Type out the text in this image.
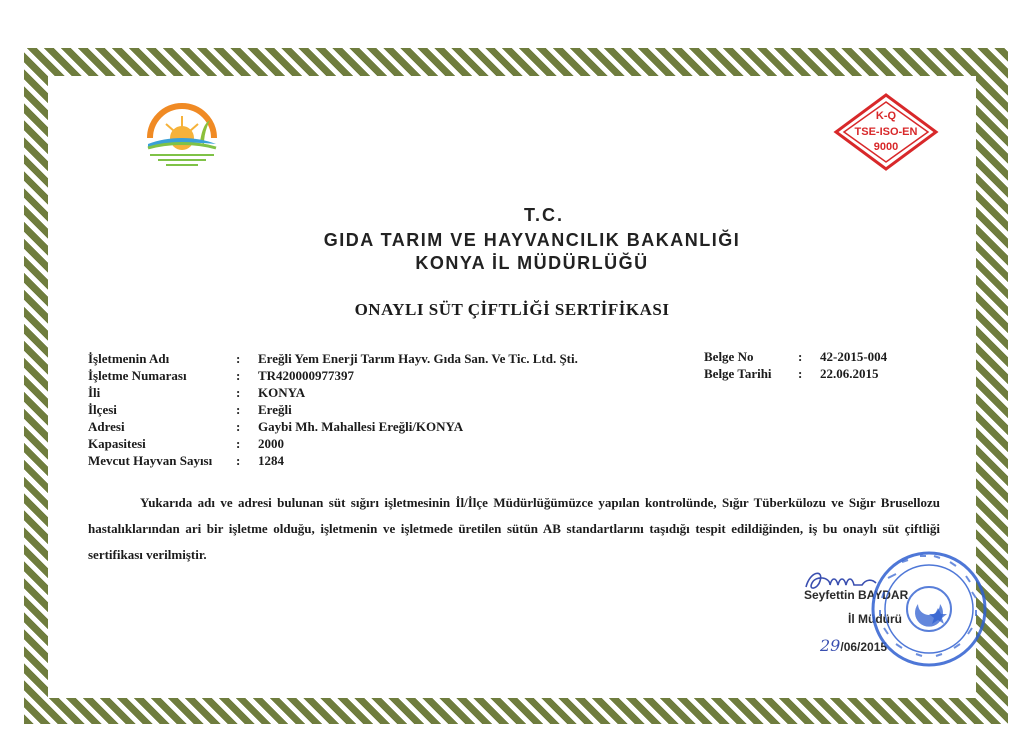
K-Q
TSE-ISO-EN
9000
T.C.
GIDA TARIM VE HAYVANCILIK BAKANLIĞI
KONYA İL MÜDÜRLÜĞÜ
ONAYLI SÜT ÇİFTLİĞİ SERTİFİKASI
İşletmenin Adı	:	Ereğli Yem Enerji Tarım Hayv. Gıda San. Ve Tic. Ltd. Şti.
İşletme Numarası	:	TR420000977397
İli	:	KONYA
İlçesi	:	Ereğli
Adresi	:	Gaybi Mh. Mahallesi Ereğli/KONYA
Kapasitesi	:	2000
Mevcut Hayvan Sayısı	:	1284
Belge No	:	42-2015-004
Belge Tarihi	:	22.06.2015
Yukarıda adı ve adresi bulunan süt sığırı işletmesinin İl/İlçe Müdürlüğümüzce yapılan kontrolünde, Sığır Tüberkülozu ve Sığır Brusellozu hastalıklarından ari bir işletme olduğu, işletmenin ve işletmede üretilen sütün AB standartlarını taşıdığı tespit edildiğinden, iş bu onaylı süt çiftliği sertifikası verilmiştir.
Seyfettin BAYDAR
İl Müdürü
29/06/2015
